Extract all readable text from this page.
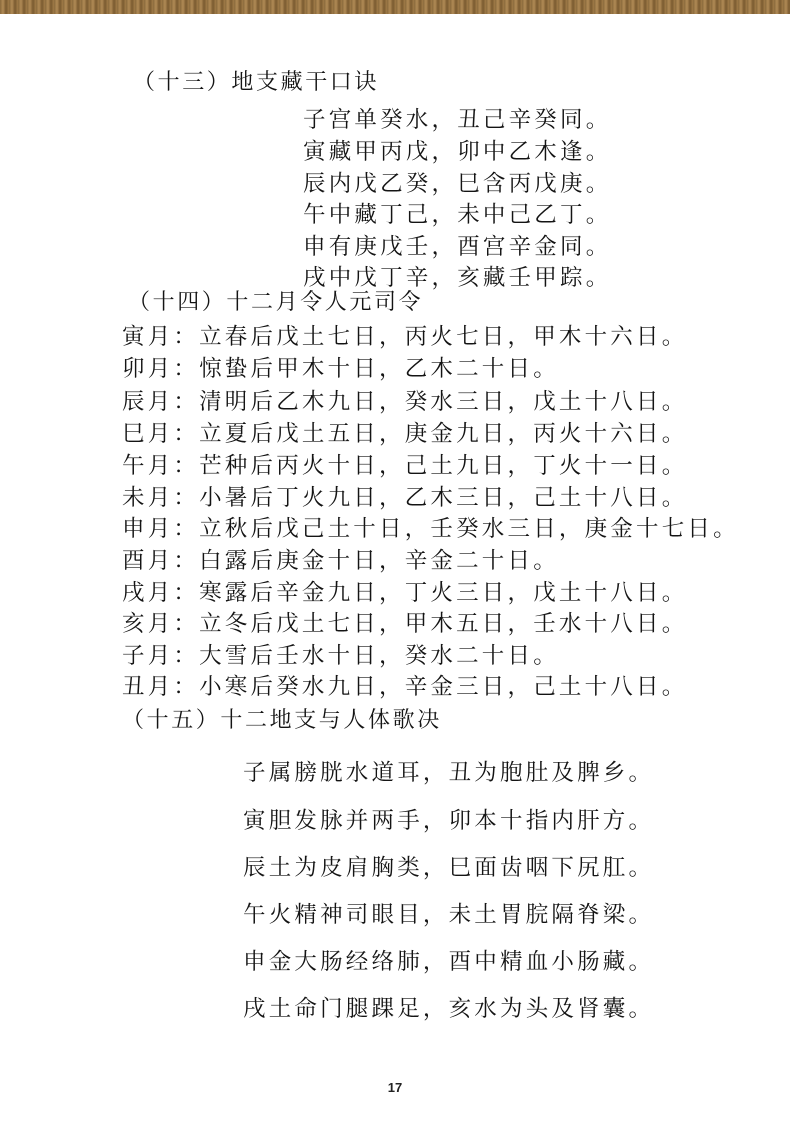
（十三）地支藏干口诀
子宫单癸水，丑己辛癸同。
寅藏甲丙戊，卯中乙木逢。
辰内戊乙癸，巳含丙戊庚。
午中藏丁己，未中己乙丁。
申有庚戊壬，酉宫辛金同。
戌中戊丁辛，亥藏壬甲踪。
（十四）十二月令人元司令
寅月：立春后戊土七日，丙火七日，甲木十六日。
卯月：惊蛰后甲木十日，乙木二十日。
辰月：清明后乙木九日，癸水三日，戊土十八日。
巳月：立夏后戊土五日，庚金九日，丙火十六日。
午月：芒种后丙火十日，己土九日，丁火十一日。
未月：小暑后丁火九日，乙木三日，己土十八日。
申月：立秋后戊己土十日，壬癸水三日，庚金十七日。
酉月：白露后庚金十日，辛金二十日。
戌月：寒露后辛金九日，丁火三日，戊土十八日。
亥月：立冬后戊土七日，甲木五日，壬水十八日。
子月：大雪后壬水十日，癸水二十日。
丑月：小寒后癸水九日，辛金三日，己土十八日。
（十五）十二地支与人体歌决
子属膀胱水道耳，丑为胞肚及脾乡。
寅胆发脉并两手，卯本十指内肝方。
辰土为皮肩胸类，巳面齿咽下尻肛。
午火精神司眼目，未土胃脘隔脊梁。
申金大肠经络肺，酉中精血小肠藏。
戌土命门腿踝足，亥水为头及肾囊。
17
